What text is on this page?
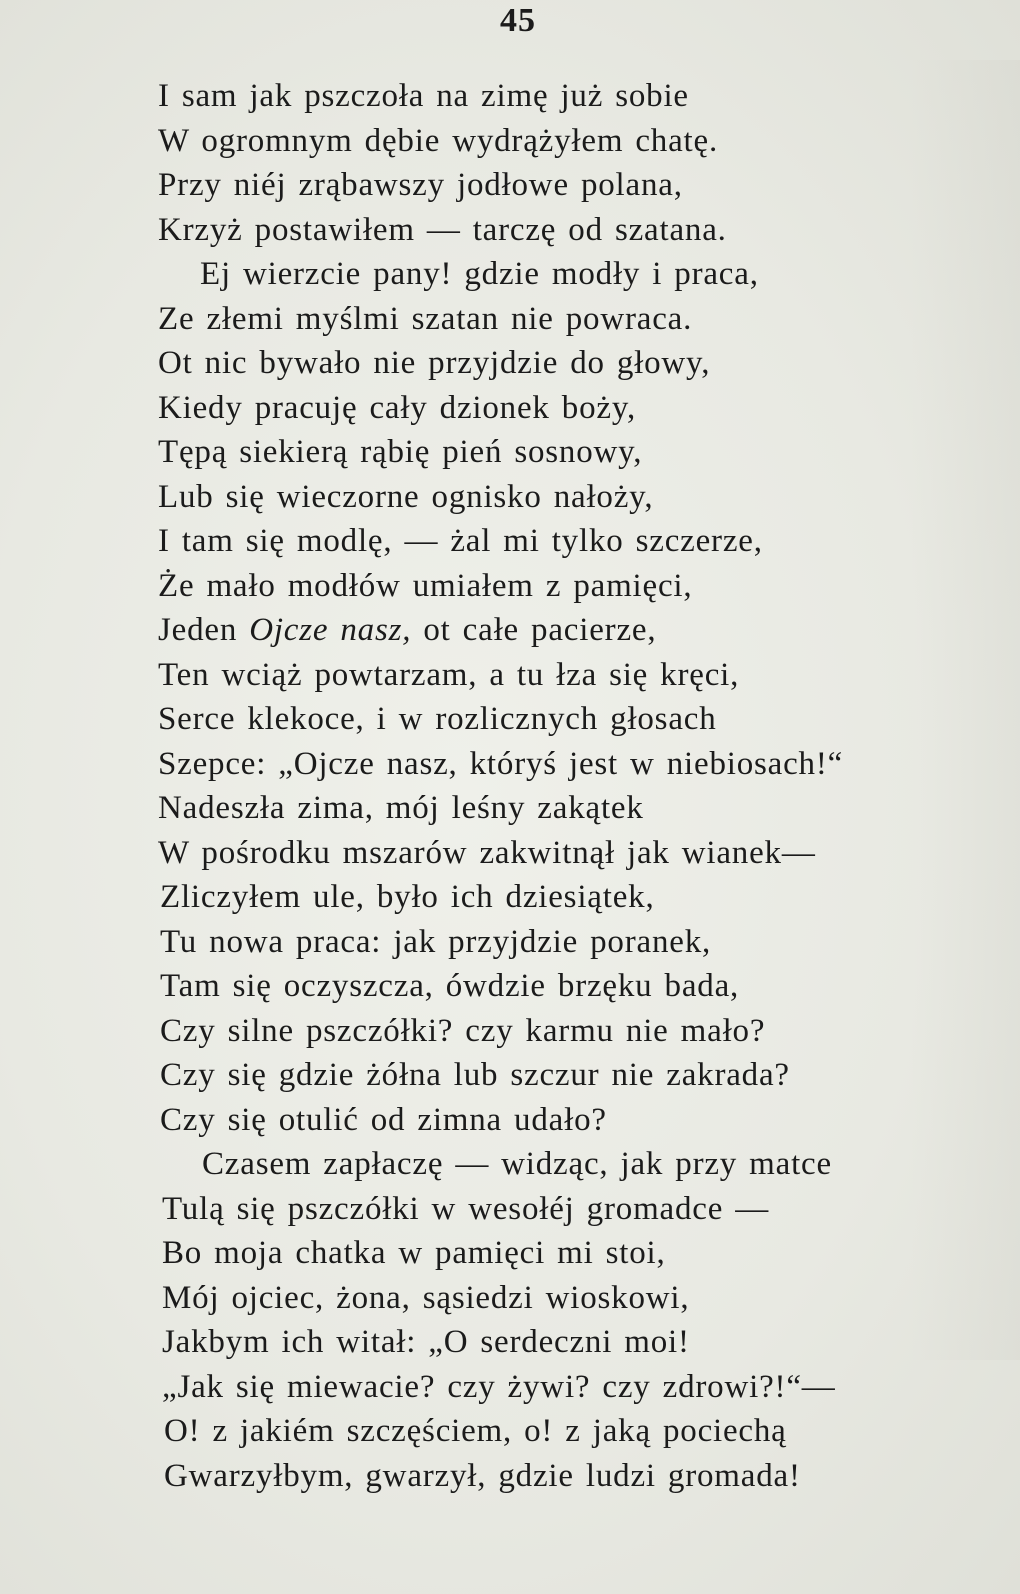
45
I sam jak pszczoła na zimę już sobie
W ogromnym dębie wydrążyłem chatę.
Przy niéj zrąbawszy jodłowe polana,
Krzyż postawiłem — tarczę od szatana.
Ej wierzcie pany! gdzie modły i praca,
Ze złemi myślmi szatan nie powraca.
Ot nic bywało nie przyjdzie do głowy,
Kiedy pracuję cały dzionek boży,
Tępą siekierą rąbię pień sosnowy,
Lub się wieczorne ognisko nałoży,
I tam się modlę, — żal mi tylko szczerze,
Że mało modłów umiałem z pamięci,
Jeden Ojcze nasz, ot całe pacierze,
Ten wciąż powtarzam, a tu łza się kręci,
Serce klekoce, i w rozlicznych głosach
Szepce: „Ojcze nasz, któryś jest w niebiosach!“
Nadeszła zima, mój leśny zakątek
W pośrodku mszarów zakwitnął jak wianek—
Zliczyłem ule, było ich dziesiątek,
Tu nowa praca: jak przyjdzie poranek,
Tam się oczyszcza, ówdzie brzęku bada,
Czy silne pszczółki? czy karmu nie mało?
Czy się gdzie żółna lub szczur nie zakrada?
Czy się otulić od zimna udało?
Czasem zapłaczę — widząc, jak przy matce
Tulą się pszczółki w wesołéj gromadce —
Bo moja chatka w pamięci mi stoi,
Mój ojciec, żona, sąsiedzi wioskowi,
Jakbym ich witał: „O serdeczni moi!
„Jak się miewacie? czy żywi? czy zdrowi?!“—
O! z jakiém szczęściem, o! z jaką pociechą
Gwarzyłbym, gwarzył, gdzie ludzi gromada!
